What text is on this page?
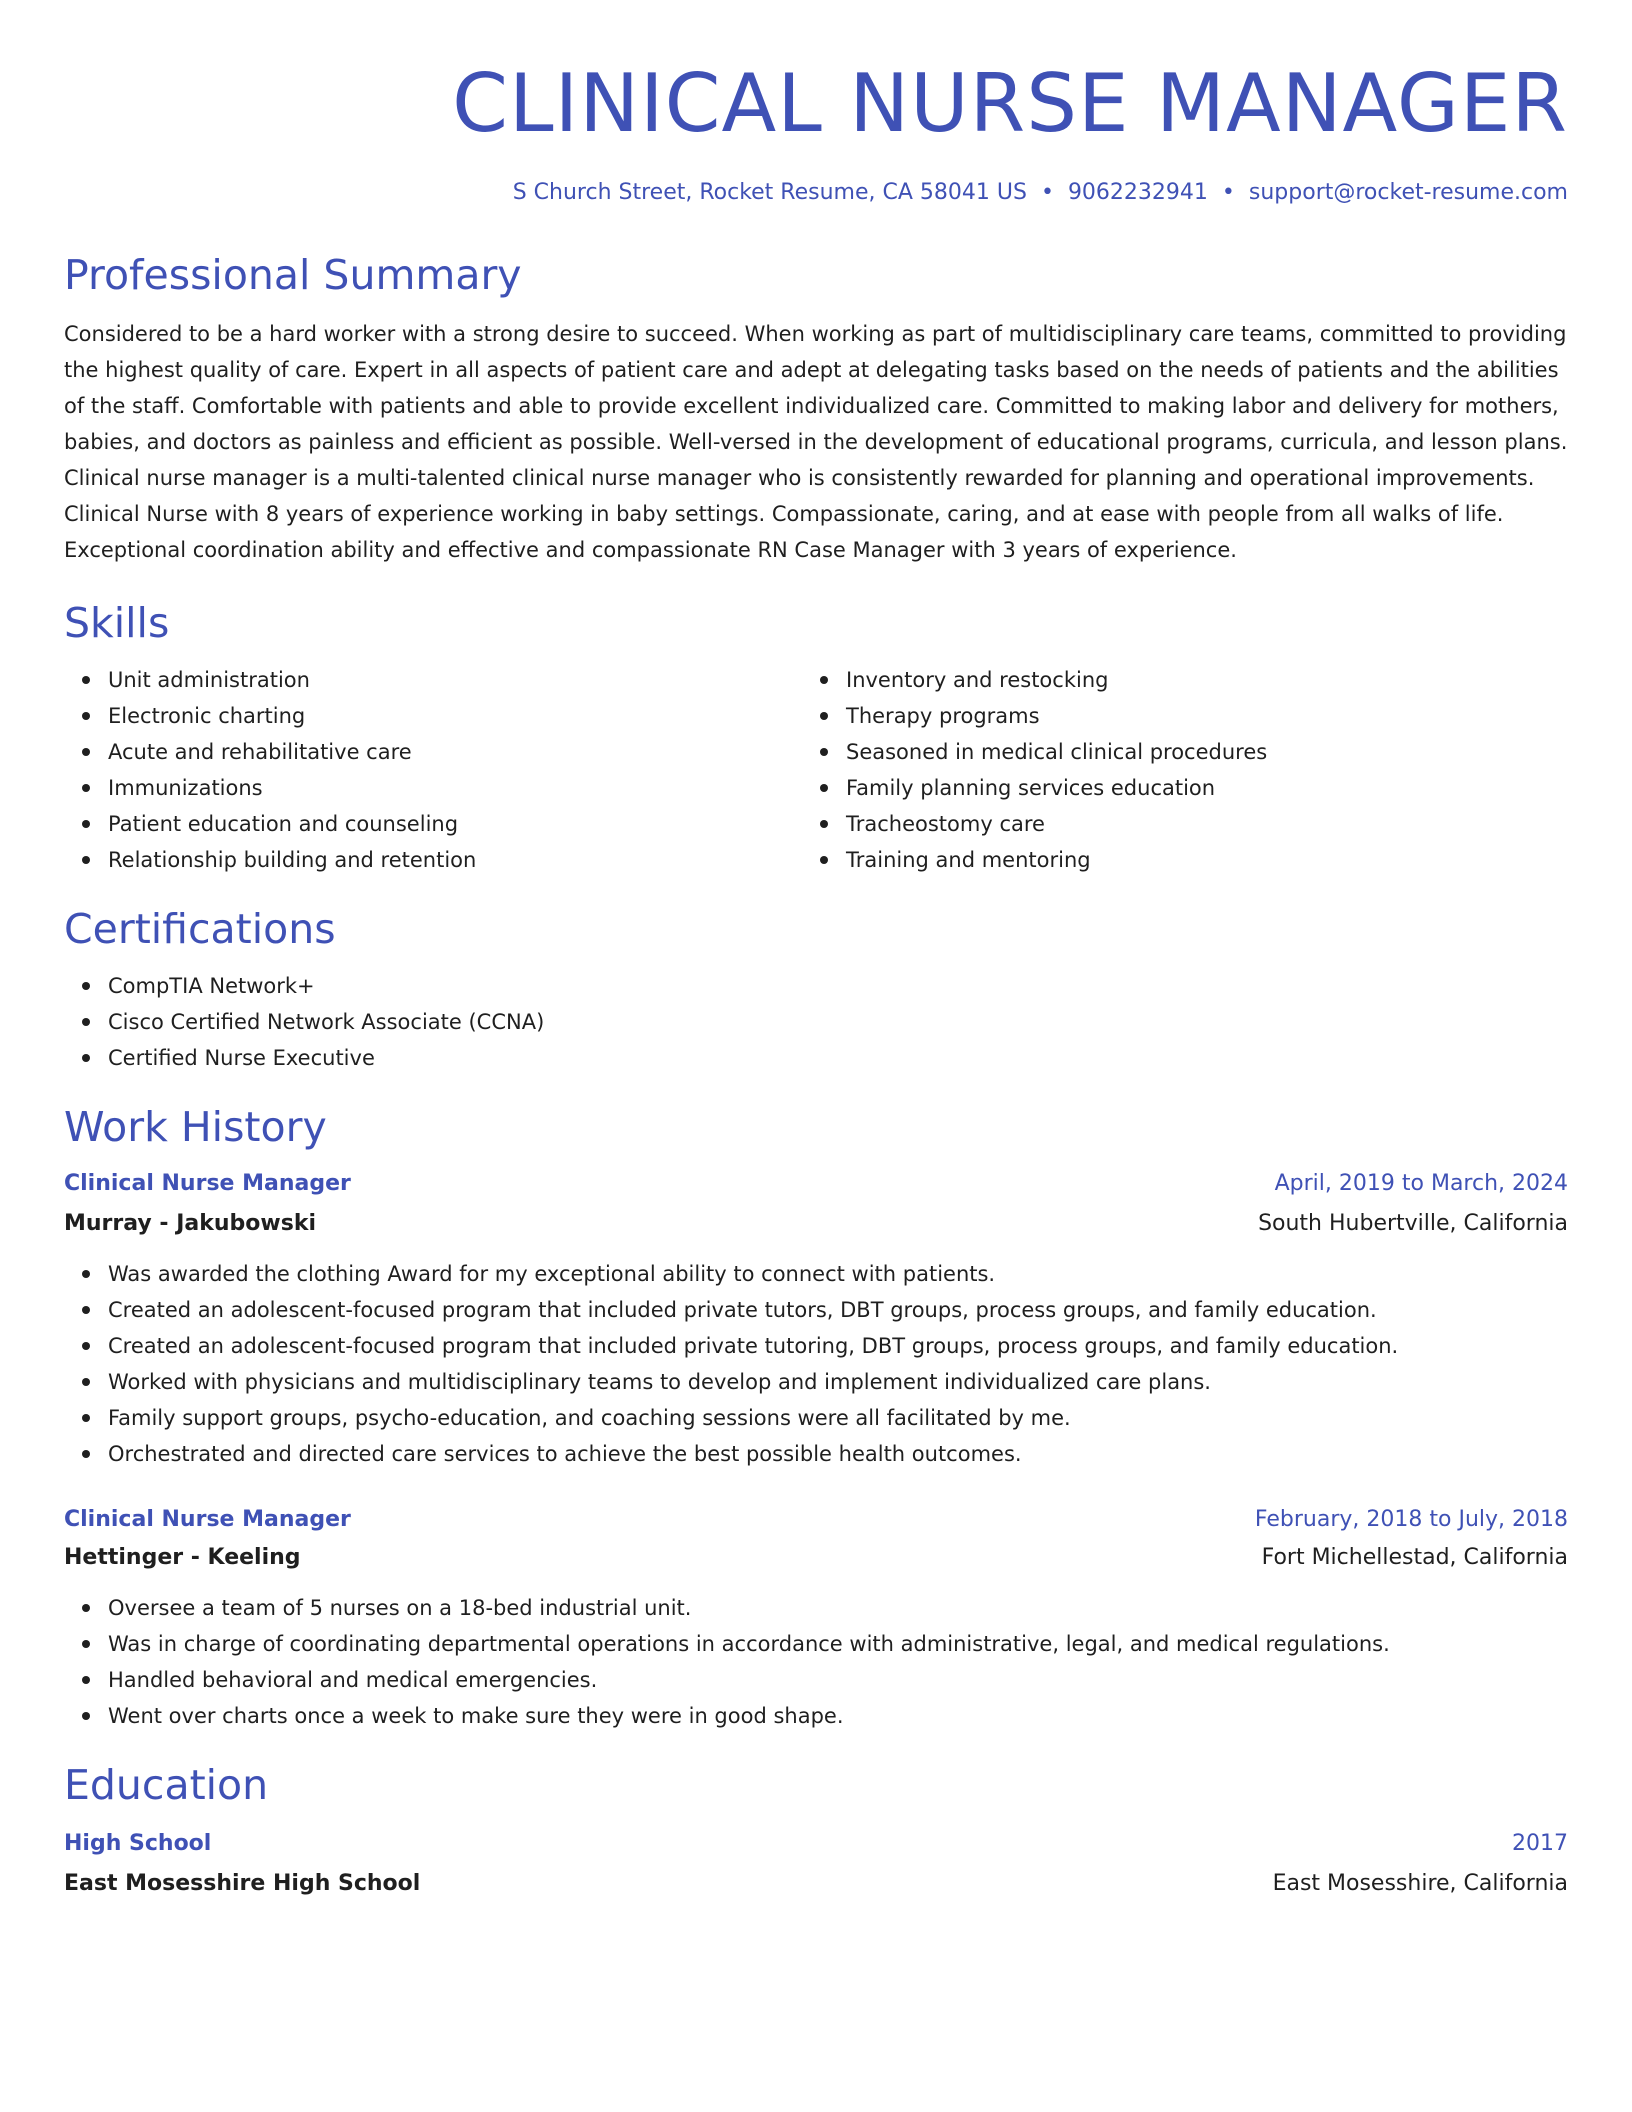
CLINICAL NURSE MANAGER
S Church Street, Rocket Resume, CA 58041 US • 9062232941 • support@rocket-resume.com
Professional Summary
Considered to be a hard worker with a strong desire to succeed. When working as part of multidisciplinary care teams, committed to providing the highest quality of care. Expert in all aspects of patient care and adept at delegating tasks based on the needs of patients and the abilities of the staff. Comfortable with patients and able to provide excellent individualized care. Committed to making labor and delivery for mothers, babies, and doctors as painless and efficient as possible. Well-versed in the development of educational programs, curricula, and lesson plans. Clinical nurse manager is a multi-talented clinical nurse manager who is consistently rewarded for planning and operational improvements. Clinical Nurse with 8 years of experience working in baby settings. Compassionate, caring, and at ease with people from all walks of life. Exceptional coordination ability and effective and compassionate RN Case Manager with 3 years of experience.
Skills
Unit administration
Electronic charting
Acute and rehabilitative care
Immunizations
Patient education and counseling
Relationship building and retention
Inventory and restocking
Therapy programs
Seasoned in medical clinical procedures
Family planning services education
Tracheostomy care
Training and mentoring
Certifications
CompTIA Network+
Cisco Certified Network Associate (CCNA)
Certified Nurse Executive
Work History
Clinical Nurse Manager	April, 2019 to March, 2024
Murray - Jakubowski	South Hubertville, California
Was awarded the clothing Award for my exceptional ability to connect with patients.
Created an adolescent-focused program that included private tutors, DBT groups, process groups, and family education.
Created an adolescent-focused program that included private tutoring, DBT groups, process groups, and family education.
Worked with physicians and multidisciplinary teams to develop and implement individualized care plans.
Family support groups, psycho-education, and coaching sessions were all facilitated by me.
Orchestrated and directed care services to achieve the best possible health outcomes.
Clinical Nurse Manager	February, 2018 to July, 2018
Hettinger - Keeling	Fort Michellestad, California
Oversee a team of 5 nurses on a 18-bed industrial unit.
Was in charge of coordinating departmental operations in accordance with administrative, legal, and medical regulations.
Handled behavioral and medical emergencies.
Went over charts once a week to make sure they were in good shape.
Education
High School	2017
East Mosesshire High School	East Mosesshire, California
